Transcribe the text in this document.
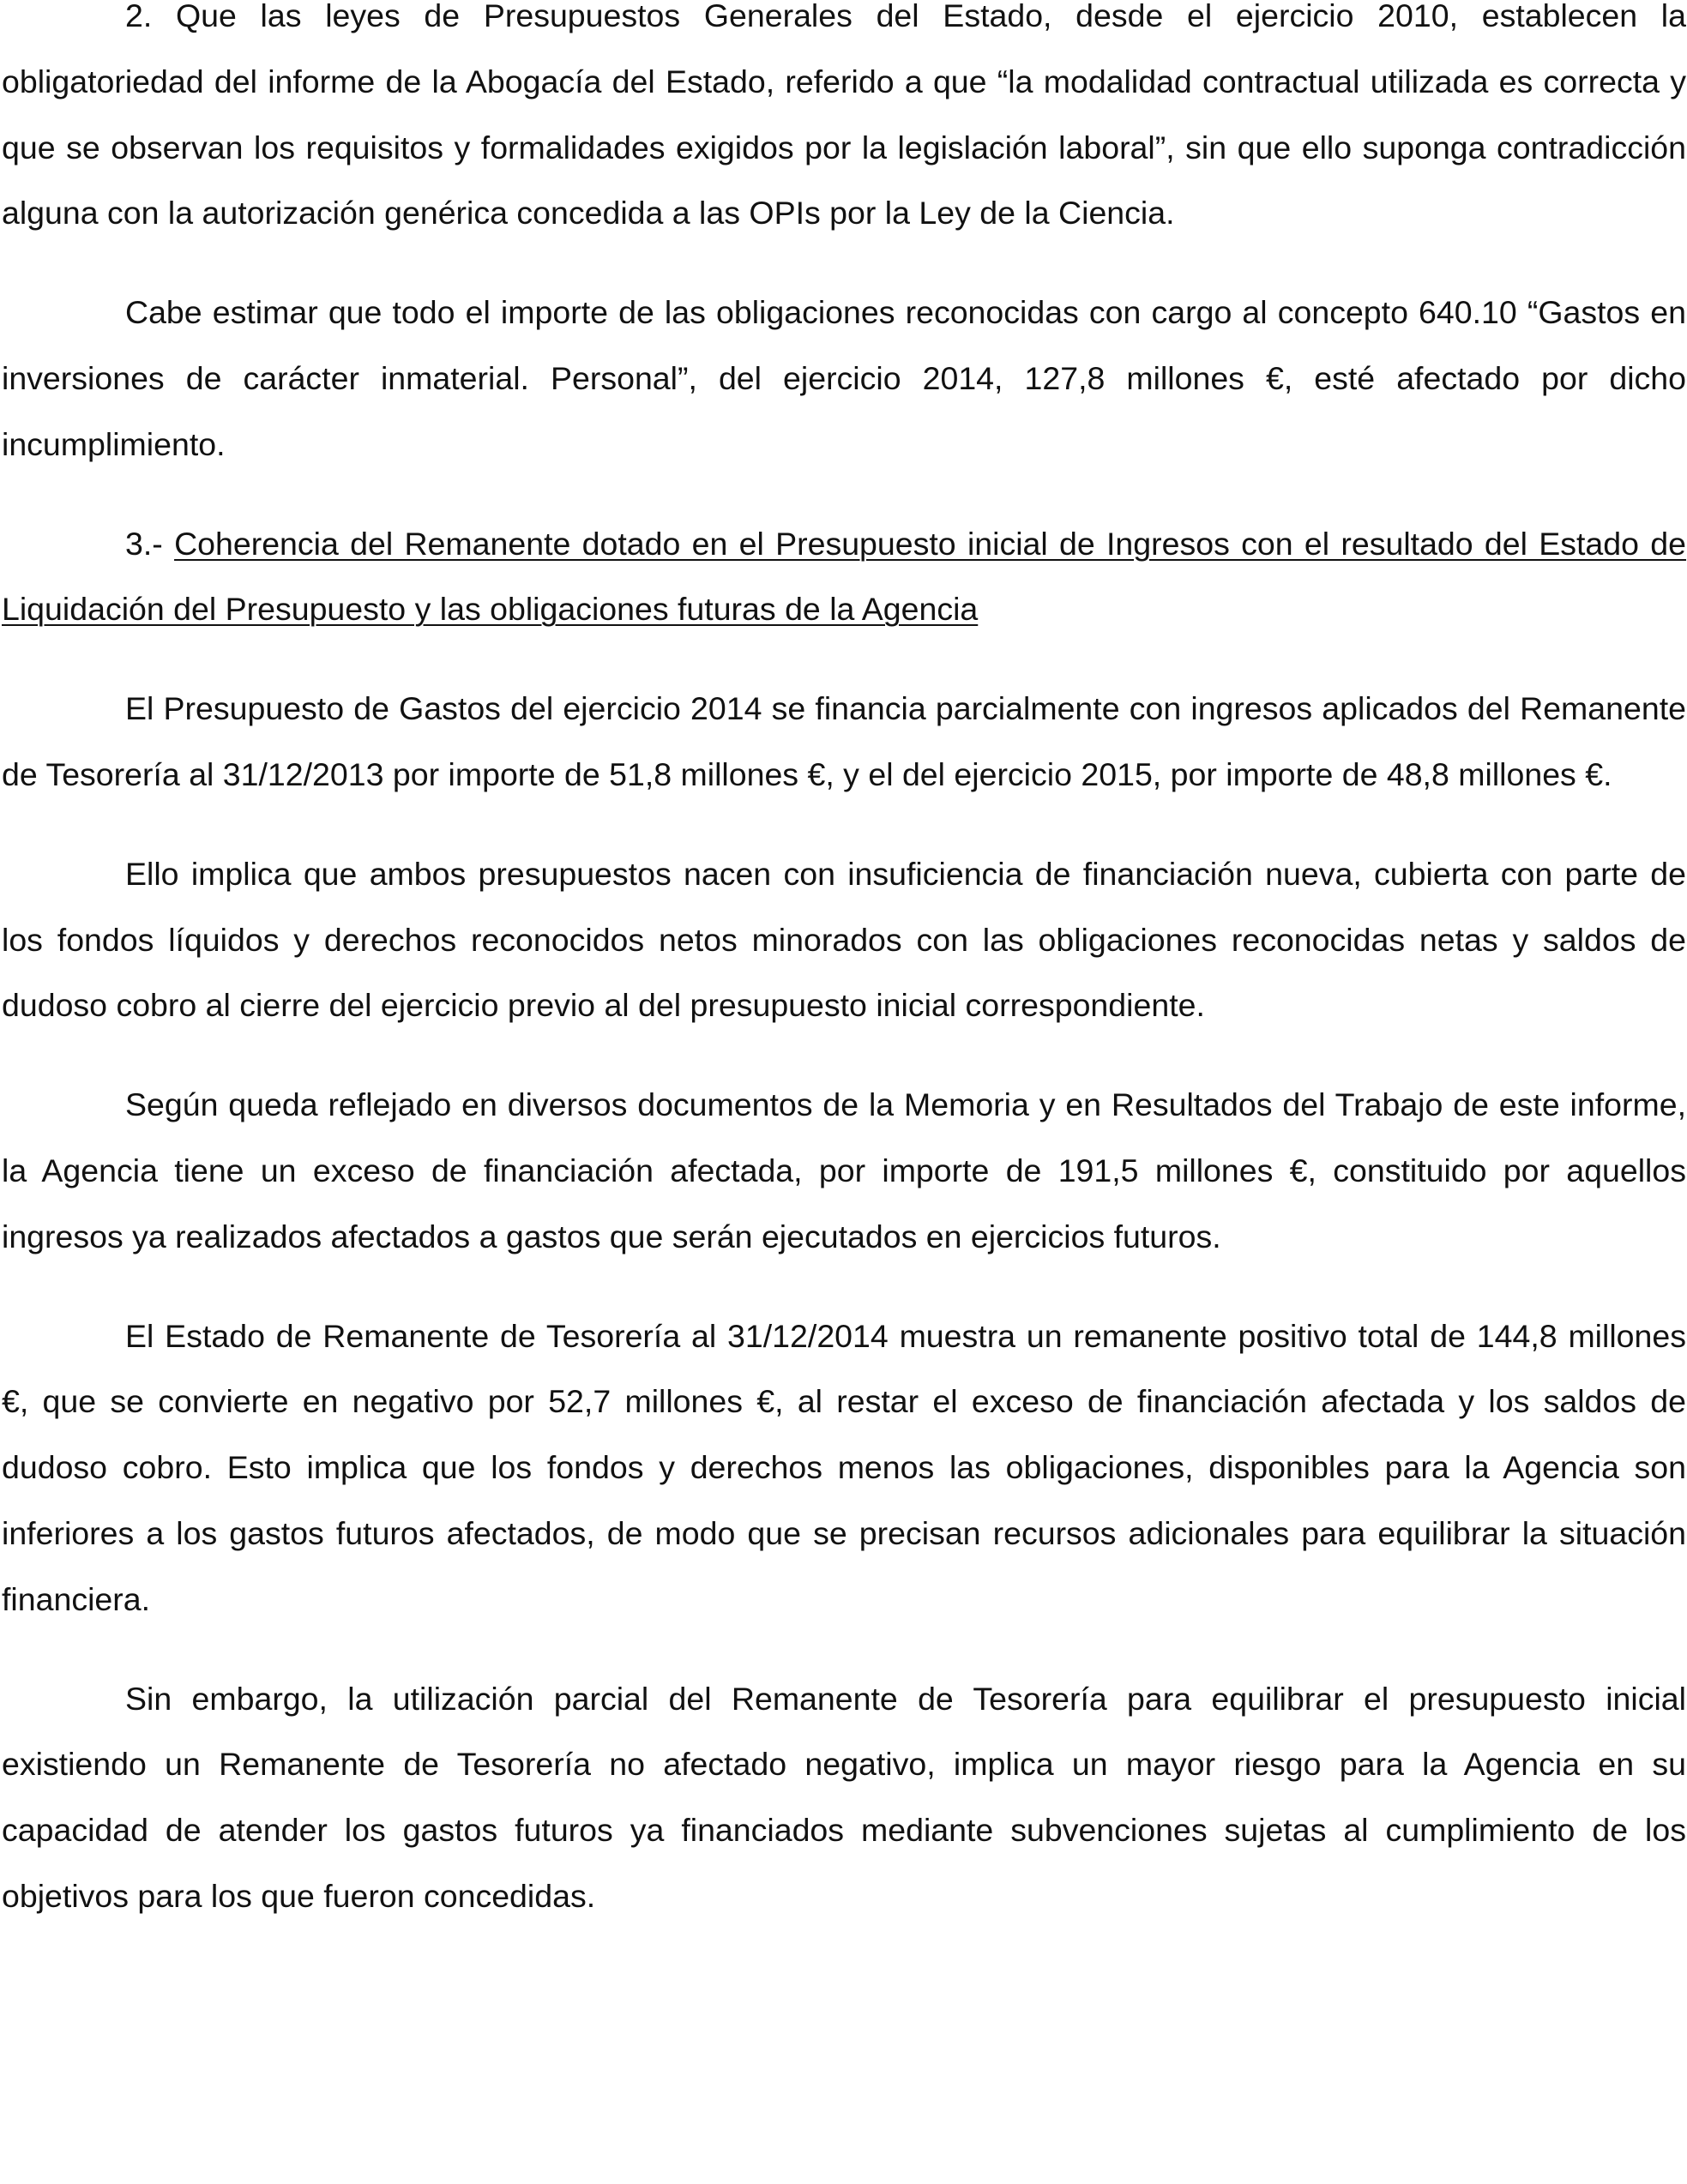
2. Que las leyes de Presupuestos Generales del Estado, desde el ejercicio 2010, establecen la obligatoriedad del informe de la Abogacía del Estado, referido a que “la modalidad contractual utilizada es correcta y que se observan los requisitos y formalidades exigidos por la legislación laboral”, sin que ello suponga contradicción alguna con la autorización genérica concedida a las OPIs por la Ley de la Ciencia.

Cabe estimar que todo el importe de las obligaciones reconocidas con cargo al concepto 640.10 “Gastos en inversiones de carácter inmaterial. Personal”, del ejercicio 2014, 127,8 millones €, esté afectado por dicho incumplimiento.

3.- Coherencia del Remanente dotado en el Presupuesto inicial de Ingresos con el resultado del Estado de Liquidación del Presupuesto y las obligaciones futuras de la Agencia

El Presupuesto de Gastos del ejercicio 2014 se financia parcialmente con ingresos aplicados del Remanente de Tesorería al 31/12/2013 por importe de 51,8 millones €, y el del ejercicio 2015, por importe de 48,8 millones €.

Ello implica que ambos presupuestos nacen con insuficiencia de financiación nueva, cubierta con parte de los fondos líquidos y derechos reconocidos netos minorados con las obligaciones reconocidas netas y saldos de dudoso cobro al cierre del ejercicio previo al del presupuesto inicial correspondiente.

Según queda reflejado en diversos documentos de la Memoria y en Resultados del Trabajo de este informe, la Agencia tiene un exceso de financiación afectada, por importe de 191,5 millones €, constituido por aquellos ingresos ya realizados afectados a gastos que serán ejecutados en ejercicios futuros.

El Estado de Remanente de Tesorería al 31/12/2014 muestra un remanente positivo total de 144,8 millones €, que se convierte en negativo por 52,7 millones €, al restar el exceso de financiación afectada y los saldos de dudoso cobro. Esto implica que los fondos y derechos menos las obligaciones, disponibles para la Agencia son inferiores a los gastos futuros afectados, de modo que se precisan recursos adicionales para equilibrar la situación financiera.

Sin embargo, la utilización parcial del Remanente de Tesorería para equilibrar el presupuesto inicial existiendo un Remanente de Tesorería no afectado negativo, implica un mayor riesgo para la Agencia en su capacidad de atender los gastos futuros ya financiados mediante subvenciones sujetas al cumplimiento de los objetivos para los que fueron concedidas.
